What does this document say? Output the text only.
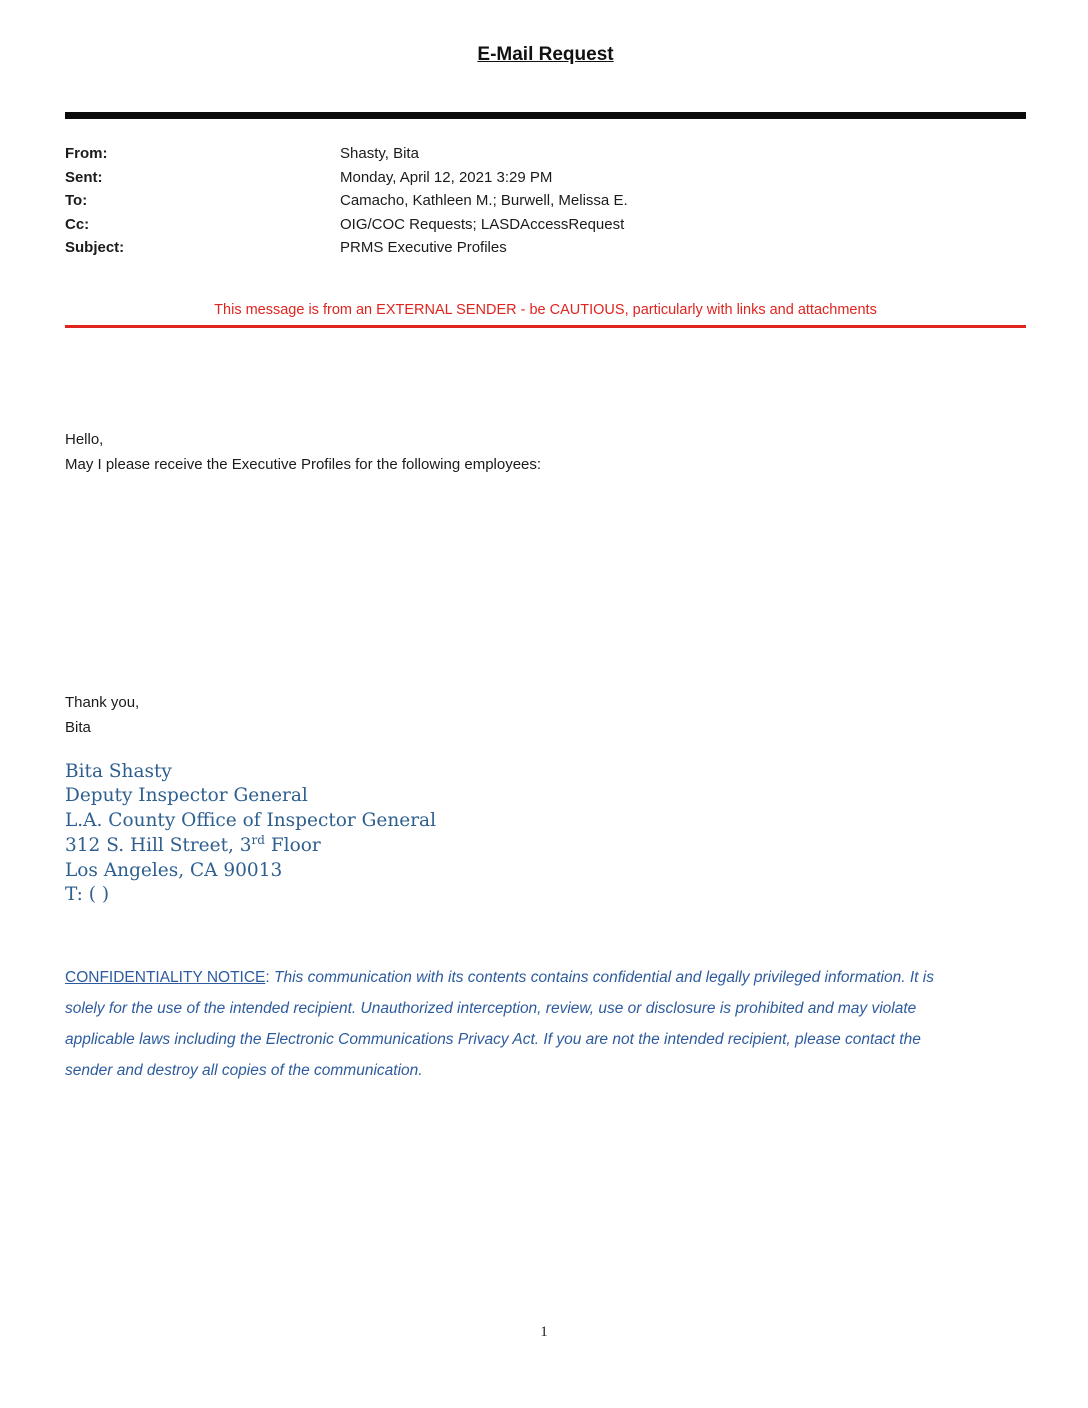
E-Mail Request
From:	Shasty, Bita
Sent:	Monday, April 12, 2021 3:29 PM
To:	Camacho, Kathleen M.; Burwell, Melissa E.
Cc:	OIG/COC Requests; LASDAccessRequest
Subject:	PRMS Executive Profiles
This message is from an EXTERNAL SENDER - be CAUTIOUS, particularly with links and attachments
Hello,
May I please receive the Executive Profiles for the following employees:
Thank you,
Bita
Bita Shasty
Deputy Inspector General
L.A. County Office of Inspector General
312 S. Hill Street, 3rd Floor
Los Angeles, CA 90013
T: ( )
CONFIDENTIALITY NOTICE: This communication with its contents contains confidential and legally privileged information. It is solely for the use of the intended recipient. Unauthorized interception, review, use or disclosure is prohibited and may violate applicable laws including the Electronic Communications Privacy Act. If you are not the intended recipient, please contact the sender and destroy all copies of the communication.
1
